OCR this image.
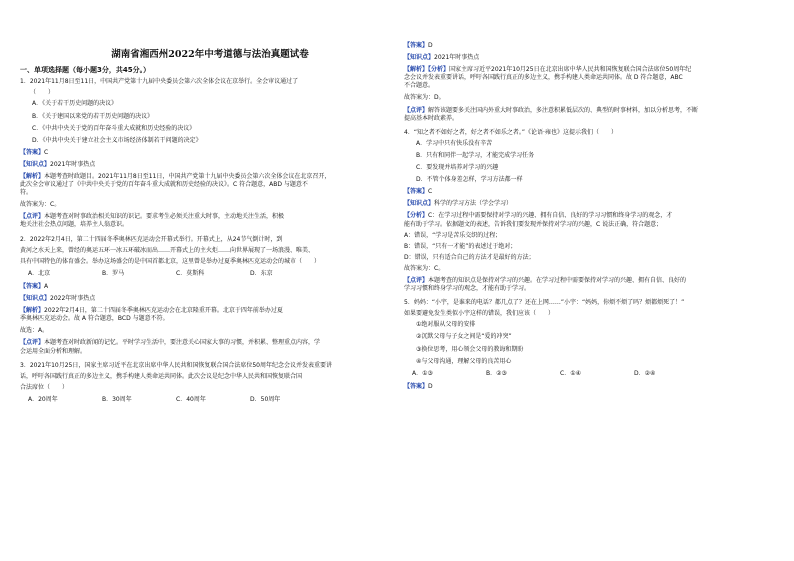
湖南省湘西州2022年中考道德与法治真题试卷

一、单项选择题（每小题3分，共45分。）

1．2021年11月8日至11日，中国共产党第十九届中央委员会第六次全体会议在京举行。全会审议通过了

（　　）

A．《关于若干历史问题的决议》

B．《关于建国以来党的若干历史问题的决议》

C．《中共中央关于党的百年奋斗重大成就和历史经验的决议》

D．《中共中央关于建立社会主义市场经济体制若干问题的决定》

【答案】C

【知识点】2021年时事热点

【解析】本题考查时政题目。2021年11月8日至11日，中国共产党第十九届中央委员会第六次全体会议在北京召开，

此次全会审议通过了《中共中央关于党的百年奋斗重大成就和历史经验的决议》。C 符合题意，ABD 与题意不

符。

故答案为：C。

【点评】本题考查对时事政治相关知识的识记。要求考生必须关注重大时事，主动地关注生活，积极

地关注社会热点问题，培养主人翁意识。

2．2022年2月4日，第二十四届冬季奥林匹克运动会开幕式举行。开幕式上，从24节气倒计时，到

黄河之水天上来，曾经的奥运五环一冰五环破冰而出……开幕式上的主火炬……向世界展现了一场浪漫、唯美、

具有中国特色的体育盛会。举办这场盛会的是中国首都北京，这里曾是举办过夏季奥林匹克运动会的城市（　　）

A．北京	B．罗马	C．莫斯科	D．东京

【答案】A

【知识点】2022年时事热点

【解析】2022年2月4日，第二十四届冬季奥林匹克运动会在北京隆重开幕。北京于四年前举办过夏

季奥林匹克运动会。故 A 符合题意，BCD 与题意不符。

故选：A。

【点评】本题考查对时政新闻的记忆。平时学习生活中，要注意关心国家大事的习惯，并积累、整理重点内容，学

会运用全面分析和理解。

3．2021年10月25日，国家主席习近平在北京出席中华人民共和国恢复联合国合法席位50周年纪念会议并发表重要讲

话，呼吁各国践行真正的多边主义，携手构建人类命运共同体。此次会议是纪念中华人民共和国恢复联合国

合法席位（　　）

A．20周年	B．30周年	C．40周年	D．50周年

【答案】D

【知识点】2021年时事热点

【解析】【分析】国家主席习近平2021年10月25日在北京出席中华人民共和国恢复联合国合法席位50周年纪

念会议并发表重要讲话，呼吁各国践行真正的多边主义，携手构建人类命运共同体。故 D 符合题意，ABC

不合题意。

故答案为：D。

【点评】解答该题要多关注国内外重大时事政治，多注意积累低层次的、典型的时事材料，加以分析思考，不断

提高基本时政素养。

4．“知之者不如好之者，好之者不如乐之者。”《论语·雍也》这提示我们（　　）

A．学习中只有快乐没有辛苦

B．只有和同伴一起学习，才能完成学习任务

C．要发现并培养对学习的兴趣

D．不管个体身差怎样，学习方法都一样

【答案】C

【知识点】科学的学习方法（学会学习）

【分析】C：在学习过程中需要保持对学习的兴趣、拥有自信、良好的学习习惯和终身学习的观念，才

能有助于学习。依据题文的表述，告诉我们要发现并保持对学习的兴趣，C 说法正确，符合题意；

A：错误，“学习是苦乐交织的过程；

B：错误，“只有一才能”的表述过于绝对；

D：错误，只有适合自己的方法才是最好的方法；

故答案为：C。

【点评】本题考查的知识点是保持对学习的兴趣。在学习过程中需要保持对学习的兴趣、拥有自信、良好的

学习习惯和终身学习的观念，才能有助于学习。

5．妈妈：“小宇，是谁来的电话？都几点了？还在上网……”小宇：“妈妈，你烦不烦了吗？烦都烦死了！”

如果要避免发生类似小宇这样的错误，我们应该（　　）

①绝对服从父母的安排

②沉默父母与子女之间是“爱的冲突”

③换位思考，用心领会父母的教诲和期盼

④与父母沟通，理解父母的良苦用心

A．①③	B．②③	C．①④	D．②④

【答案】D
